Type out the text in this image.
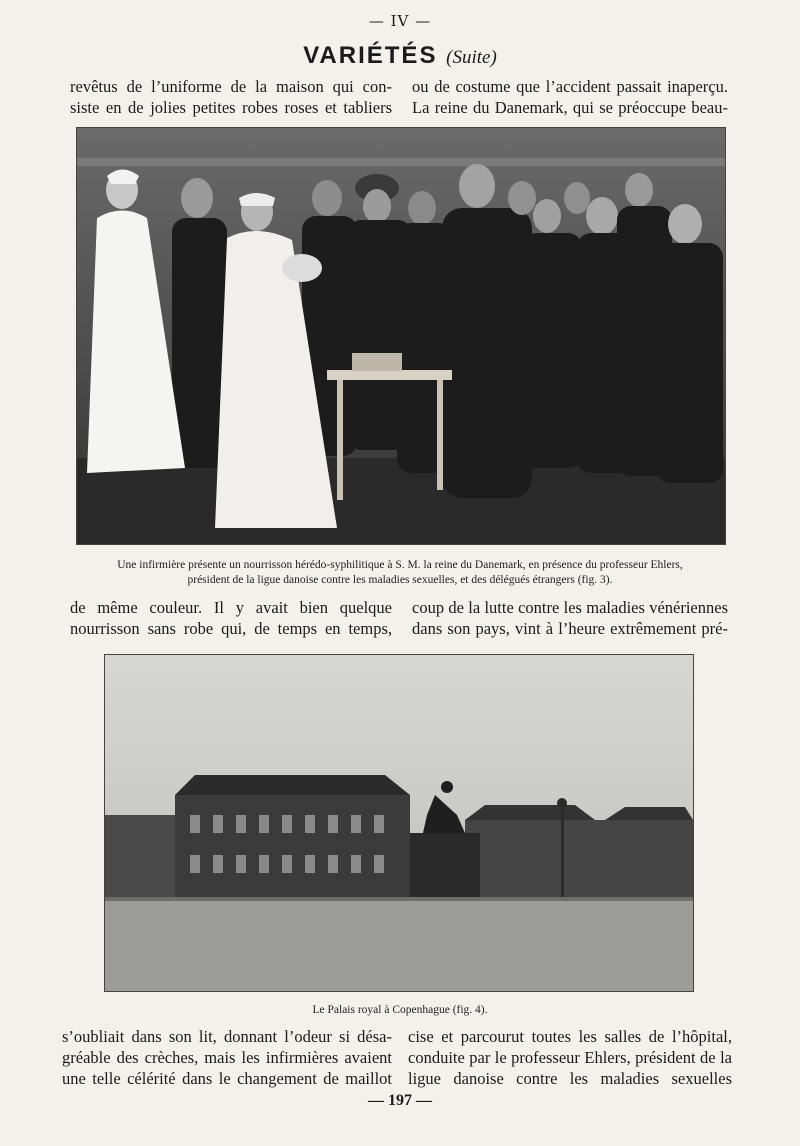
— IV —
VARIÉTÉS (Suite)

revêtus de l’uniforme de la maison qui con-

siste en de jolies petites robes roses et tabliers

ou de costume que l’accident passait inaperçu.

La reine du Danemark, qui se préoccupe beau-

Une infirmière présente un nourrisson hérédo-syphilitique à S. M. la reine du Danemark, en présence du professeur Ehlers,
président de la ligue danoise contre les maladies sexuelles, et des délégués étrangers (fig. 3).

de même couleur. Il y avait bien quelque

nourrisson sans robe qui, de temps en temps,

coup de la lutte contre les maladies vénériennes

dans son pays, vint à l’heure extrêmement pré-

Le Palais royal à Copenhague (fig. 4).

s’oubliait dans son lit, donnant l’odeur si désa-

gréable des crèches, mais les infirmières avaient

une telle célérité dans le changement de maillot

cise et parcourut toutes les salles de l’hôpital,

conduite par le professeur Ehlers, président de la

ligue danoise contre les maladies sexuelles

— 197 —
